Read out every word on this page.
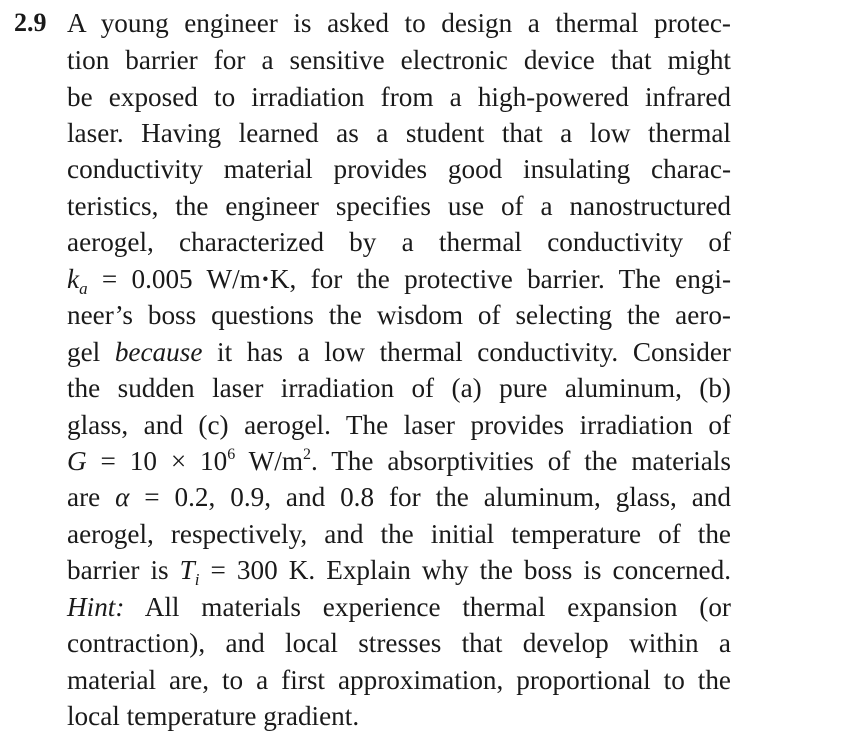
2.9 A young engineer is asked to design a thermal protec-
tion barrier for a sensitive electronic device that might
be exposed to irradiation from a high-powered infrared
laser. Having learned as a student that a low thermal
conductivity material provides good insulating charac-
teristics, the engineer specifies use of a nanostructured
aerogel, characterized by a thermal conductivity of
$k_a = 0.005$ W/m·K, for the protective barrier. The engi-
neer’s boss questions the wisdom of selecting the aero-
gel because it has a low thermal conductivity. Consider
the sudden laser irradiation of (a) pure aluminum, (b)
glass, and (c) aerogel. The laser provides irradiation of
$G = 10 \times 10^6$ $W/m^2$. The absorptivities of the materials
are α = 0.2, 0.9, and 0.8 for the aluminum, glass, and
aerogel, respectively, and the initial temperature of the
barrier is $T_i = 300$ K. Explain why the boss is concerned.
Hint: All materials experience thermal expansion (or
contraction), and local stresses that develop within a
material are, to a first approximation, proportional to the
local temperature gradient.
